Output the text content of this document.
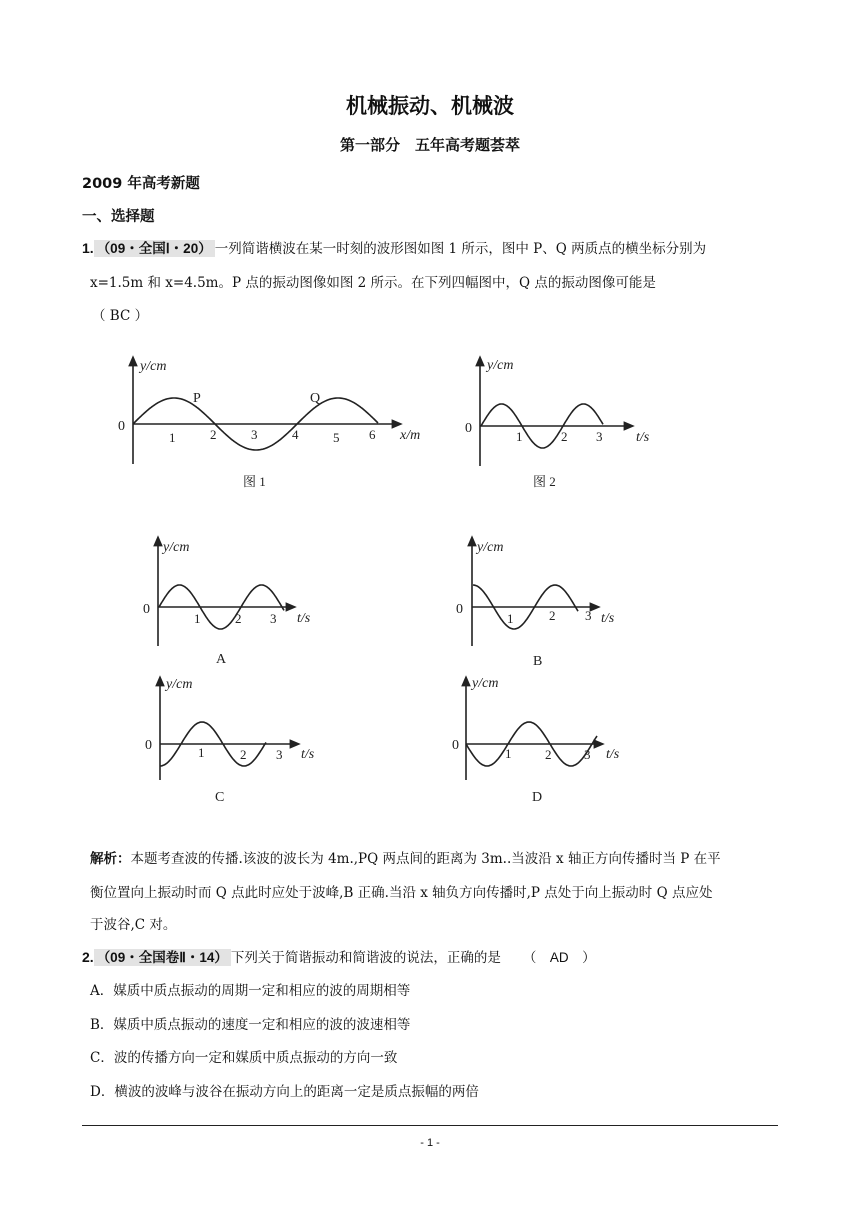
机械振动、机械波
第一部分　五年高考题荟萃
2009 年高考新题
一、选择题
1. （09・全国Ⅰ・20） 一列简谐横波在某一时刻的波形图如图 1 所示，图中 P、Q 两质点的横坐标分别为
x=1.5m 和 x=4.5m。P 点的振动图像如图 2 所示。在下列四幅图中，Q 点的振动图像可能是
（ BC ）
y/cm
x/m
0
1	2	3	4	5 6
P	Q
图 1
y/cm
t/s
0
1	2 3
图 2
y/cm
t/s
0
1	2 3
A
y/cm
t/s
0
1	2 3
B
y/cm
t/s
0	1	2 3
C
y/cm
t/s
0
1	2	3
D
解析：本题考查波的传播.该波的波长为 4m.,PQ 两点间的距离为 3m..当波沿 x 轴正方向传播时当 P 在平
衡位置向上振动时而 Q 点此时应处于波峰,B 正确.当沿 x 轴负方向传播时,P 点处于向上振动时 Q 点应处
于波谷,C 对。
2. （09・全国卷Ⅱ・14） 下列关于简谐振动和简谐波的说法，正确的是 （　AD　）
A．媒质中质点振动的周期一定和相应的波的周期相等
B．媒质中质点振动的速度一定和相应的波的波速相等
C．波的传播方向一定和媒质中质点振动的方向一致
D．横波的波峰与波谷在振动方向上的距离一定是质点振幅的两倍
- 1 -
